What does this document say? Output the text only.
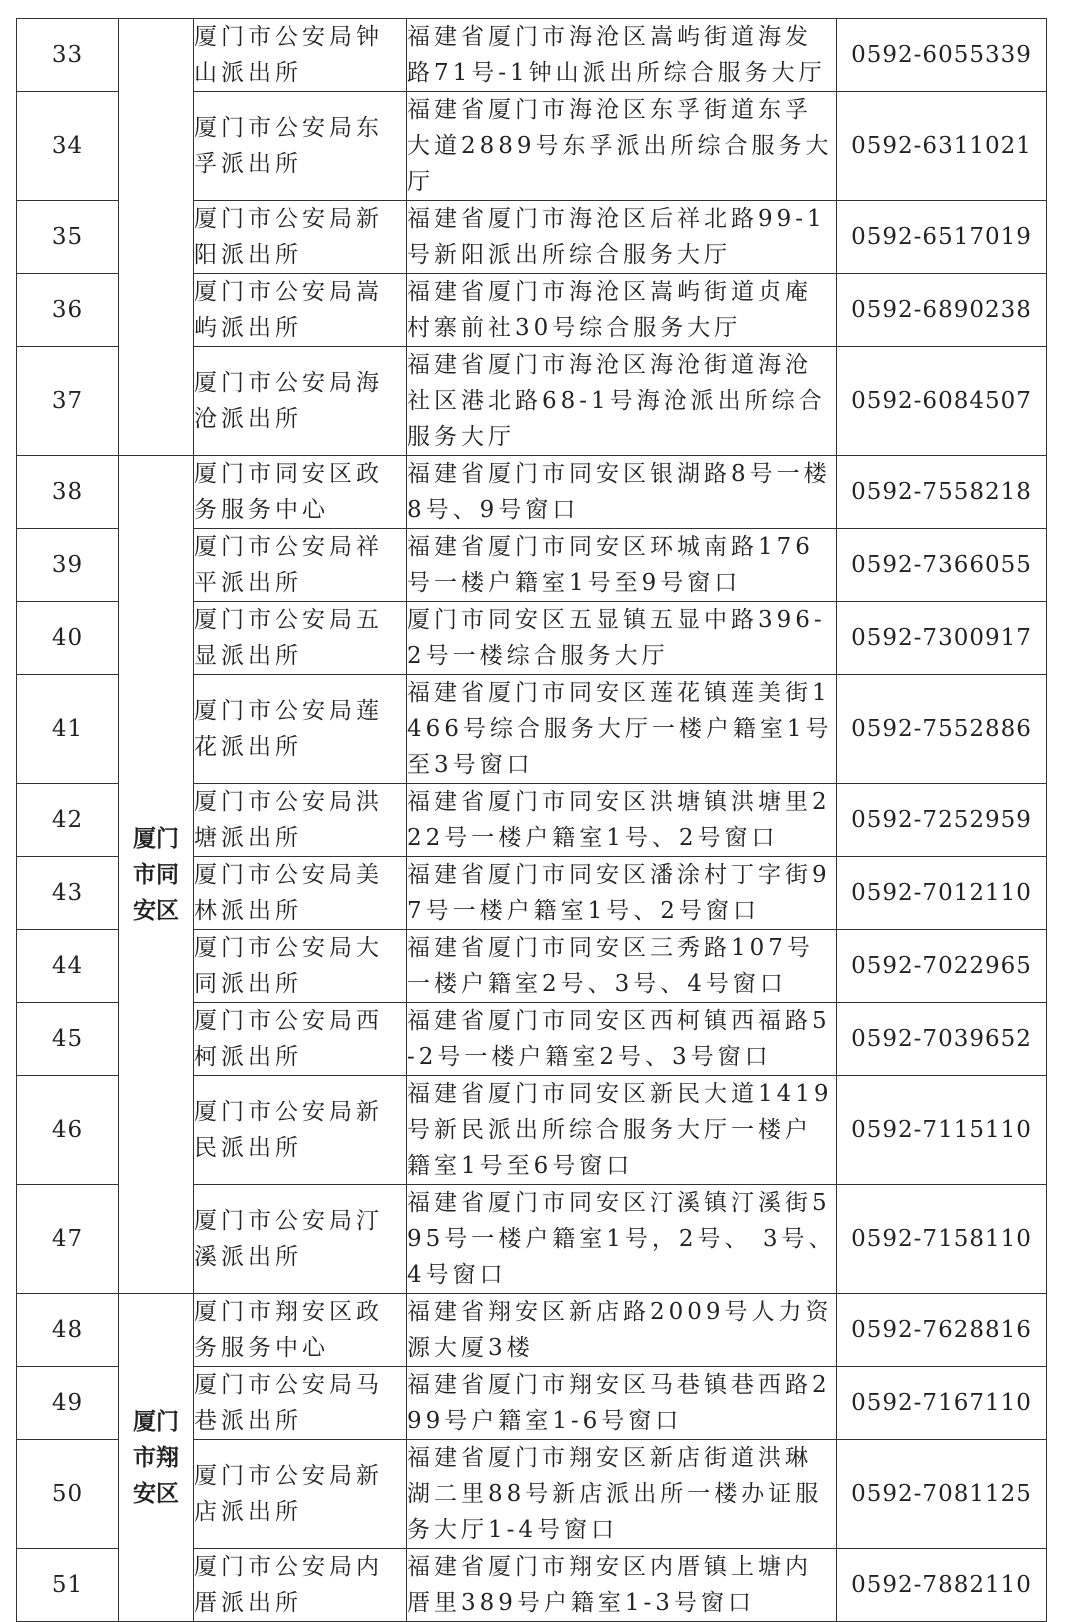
33		厦门市公安局钟山派出所	福建省厦门市海沧区嵩屿街道海发路71号-1钟山派出所综合服务大厅	0592-6055339
34		厦门市公安局东孚派出所	福建省厦门市海沧区东孚街道东孚大道2889号东孚派出所综合服务大厅	0592-6311021
35		厦门市公安局新阳派出所	福建省厦门市海沧区后祥北路99-1号新阳派出所综合服务大厅	0592-6517019
36		厦门市公安局嵩屿派出所	福建省厦门市海沧区嵩屿街道贞庵村寨前社30号综合服务大厅	0592-6890238
37		厦门市公安局海沧派出所	福建省厦门市海沧区海沧街道海沧社区港北路68-1号海沧派出所综合服务大厅	0592-6084507
38	厦门市同安区	厦门市同安区政务服务中心	福建省厦门市同安区银湖路8号一楼8号、9号窗口	0592-7558218
39		厦门市公安局祥平派出所	福建省厦门市同安区环城南路176号一楼户籍室1号至9号窗口	0592-7366055
40		厦门市公安局五显派出所	厦门市同安区五显镇五显中路396-2号一楼综合服务大厅	0592-7300917
41		厦门市公安局莲花派出所	福建省厦门市同安区莲花镇莲美街1466号综合服务大厅一楼户籍室1号至3号窗口	0592-7552886
42		厦门市公安局洪塘派出所	福建省厦门市同安区洪塘镇洪塘里222号一楼户籍室1号、2号窗口	0592-7252959
43		厦门市公安局美林派出所	福建省厦门市同安区潘涂村丁字街97号一楼户籍室1号、2号窗口	0592-7012110
44		厦门市公安局大同派出所	福建省厦门市同安区三秀路107号一楼户籍室2号、3号、4号窗口	0592-7022965
45		厦门市公安局西柯派出所	福建省厦门市同安区西柯镇西福路5-2号一楼户籍室2号、3号窗口	0592-7039652
46		厦门市公安局新民派出所	福建省厦门市同安区新民大道1419号新民派出所综合服务大厅一楼户籍室1号至6号窗口	0592-7115110
47		厦门市公安局汀溪派出所	福建省厦门市同安区汀溪镇汀溪街595号一楼户籍室1号，2号、 3号、4号窗口	0592-7158110
48	厦门市翔安区	厦门市翔安区政务服务中心	福建省翔安区新店路2009号人力资源大厦3楼	0592-7628816
49		厦门市公安局马巷派出所	福建省厦门市翔安区马巷镇巷西路299号户籍室1-6号窗口	0592-7167110
50		厦门市公安局新店派出所	福建省厦门市翔安区新店街道洪琳湖二里88号新店派出所一楼办证服务大厅1-4号窗口	0592-7081125
51		厦门市公安局内厝派出所	福建省厦门市翔安区内厝镇上塘内厝里389号户籍室1-3号窗口	0592-7882110
